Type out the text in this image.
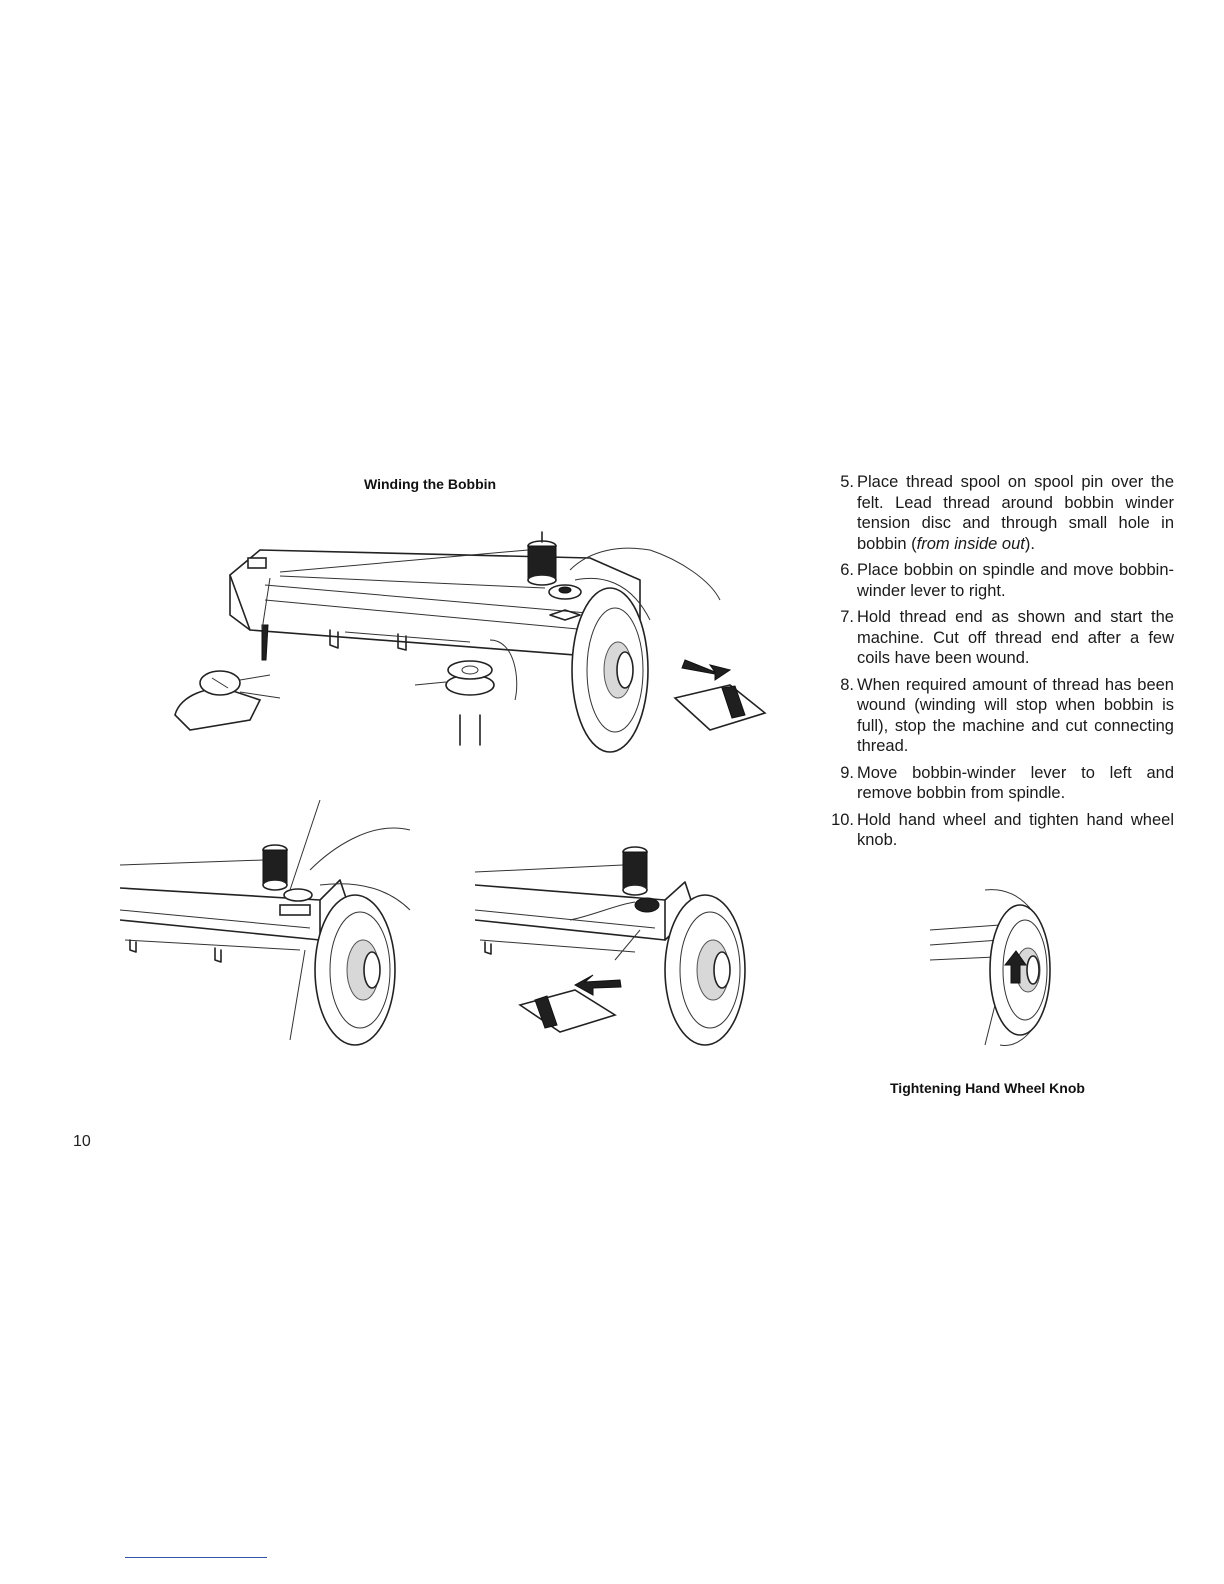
Winding the Bobbin	5. Place thread spool on spool pin over the felt. Lead thread around bobbin winder tension disc and through small hole in bobbin (from inside out).
6. Place bobbin on spindle and move bobbin-winder lever to right.
7. Hold thread end as shown and start the machine. Cut off thread end after a few coils have been wound.
8. When required amount of thread has been wound (winding will stop when bobbin is full), stop the machine and cut connecting thread.
9. Move bobbin-winder lever to left and remove bobbin from spindle.
10. Hold hand wheel and tighten hand wheel knob.
Tightening Hand Wheel Knob
10
